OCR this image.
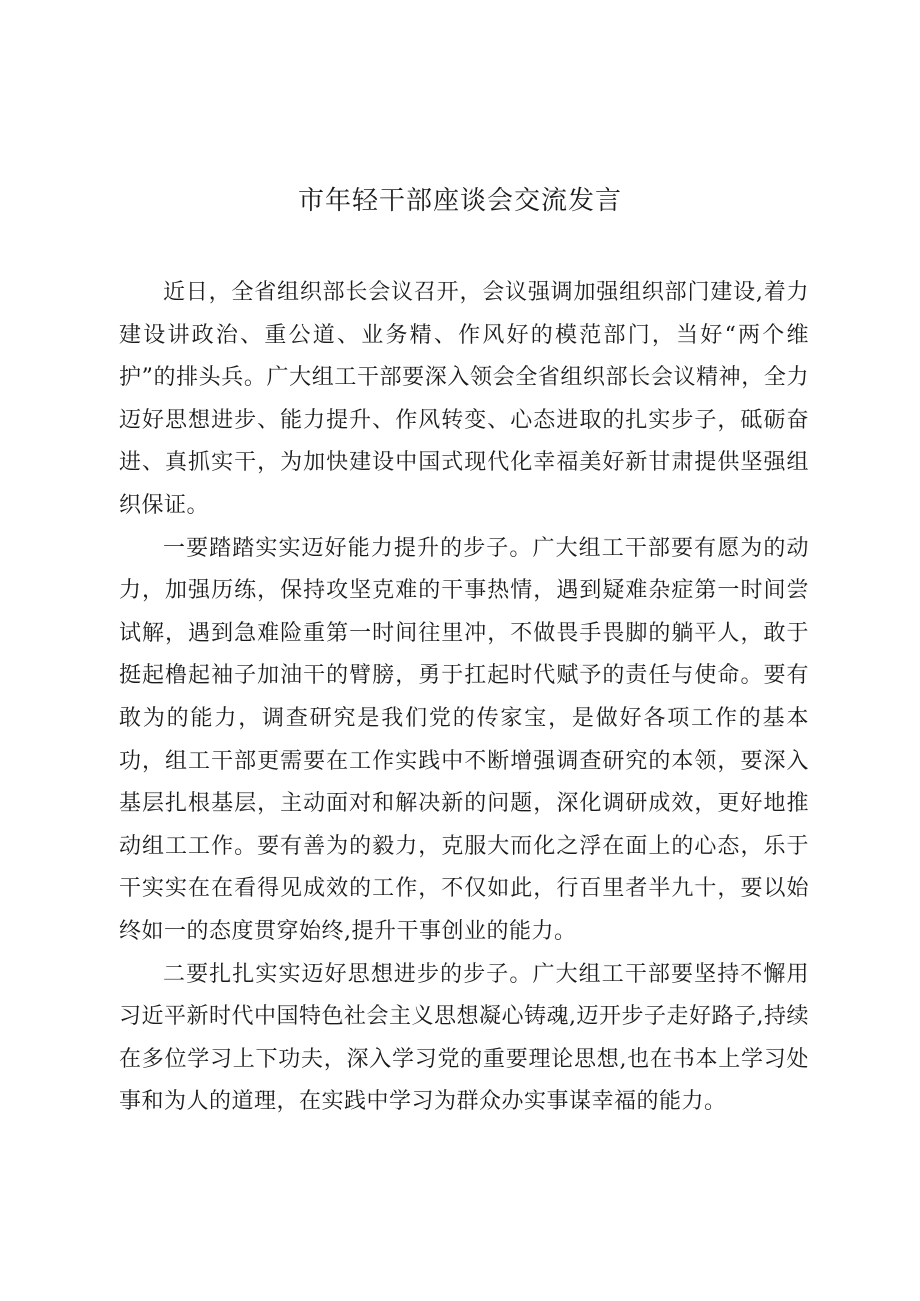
市年轻干部座谈会交流发言

近日，全省组织部长会议召开，会议强调加强组织部门建设,着力建设讲政治、重公道、业务精、作风好的模范部门，当好“两个维护”的排头兵。广大组工干部要深入领会全省组织部长会议精神，全力迈好思想进步、能力提升、作风转变、心态进取的扎实步子，砥砺奋进、真抓实干，为加快建设中国式现代化幸福美好新甘肃提供坚强组织保证。

一要踏踏实实迈好能力提升的步子。广大组工干部要有愿为的动力，加强历练，保持攻坚克难的干事热情，遇到疑难杂症第一时间尝试解，遇到急难险重第一时间往里冲，不做畏手畏脚的躺平人，敢于挺起橹起袖子加油干的臂膀，勇于扛起时代赋予的责任与使命。要有敢为的能力，调查研究是我们党的传家宝，是做好各项工作的基本功，组工干部更需要在工作实践中不断增强调查研究的本领，要深入基层扎根基层，主动面对和解决新的问题，深化调研成效，更好地推动组工工作。要有善为的毅力，克服大而化之浮在面上的心态，乐于干实实在在看得见成效的工作，不仅如此，行百里者半九十，要以始终如一的态度贯穿始终,提升干事创业的能力。

二要扎扎实实迈好思想进步的步子。广大组工干部要坚持不懈用习近平新时代中国特色社会主义思想凝心铸魂,迈开步子走好路子,持续在多位学习上下功夫，深入学习党的重要理论思想,也在书本上学习处事和为人的道理，在实践中学习为群众办实事谋幸福的能力。
